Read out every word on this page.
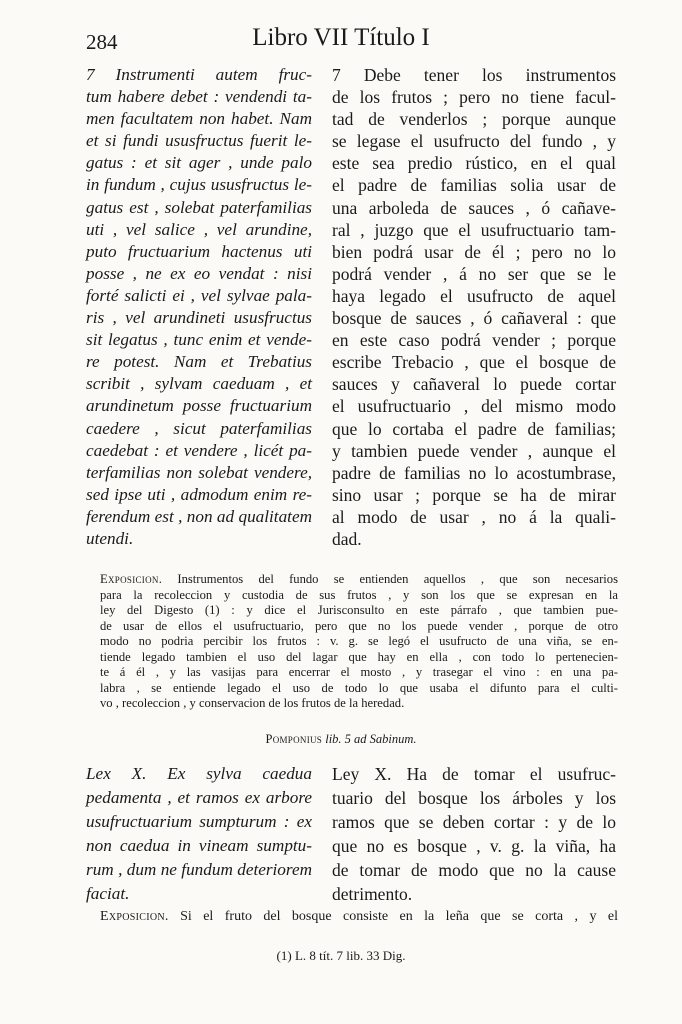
284	Libro VII Título I
7 Instrumenti autem fruc-
tum habere debet : vendendi ta-
men facultatem non habet. Nam
et si fundi ususfructus fuerit le-
gatus : et sit ager , unde palo
in fundum , cujus ususfructus le-
gatus est , solebat paterfamilias
uti , vel salice , vel arundine,
puto fructuarium hactenus uti
posse , ne ex eo vendat : nisi
forté salicti ei , vel sylvae pala-
ris , vel arundineti ususfructus
sit legatus , tunc enim et vende-
re potest. Nam et Trebatius
scribit , sylvam caeduam , et
arundinetum posse fructuarium
caedere , sicut paterfamilias
caedebat : et vendere , licét pa-
terfamilias non solebat vendere,
sed ipse uti , admodum enim re-
ferendum est , non ad qualitatem
utendi.
7 Debe tener los instrumentos
de los frutos ; pero no tiene facul-
tad de venderlos ; porque aunque
se legase el usufructo del fundo , y
este sea predio rústico, en el qual
el padre de familias solia usar de
una arboleda de sauces , ó cañave-
ral , juzgo que el usufructuario tam-
bien podrá usar de él ; pero no lo
podrá vender , á no ser que se le
haya legado el usufructo de aquel
bosque de sauces , ó cañaveral : que
en este caso podrá vender ; porque
escribe Trebacio , que el bosque de
sauces y cañaveral lo puede cortar
el usufructuario , del mismo modo
que lo cortaba el padre de familias;
y tambien puede vender , aunque el
padre de familias no lo acostumbrase,
sino usar ; porque se ha de mirar
al modo de usar , no á la quali-
dad.
Exposicion. Instrumentos del fundo se entienden aquellos , que son necesarios
para la recoleccion y custodia de sus frutos , y son los que se expresan en la
ley del Digesto (1) : y dice el Jurisconsulto en este párrafo , que tambien pue-
de usar de ellos el usufructuario, pero que no los puede vender , porque de otro
modo no podria percibir los frutos : v. g. se legó el usufructo de una viña, se en-
tiende legado tambien el uso del lagar que hay en ella , con todo lo pertenecien-
te á él , y las vasijas para encerrar el mosto , y trasegar el vino : en una pa-
labra , se entiende legado el uso de todo lo que usaba el difunto para el culti-
vo , recoleccion , y conservacion de los frutos de la heredad.
Pomponius lib. 5 ad Sabinum.
Lex X. Ex sylva caedua
pedamenta , et ramos ex arbore
usufructuarium sumpturum : ex
non caedua in vineam sumptu-
rum , dum ne fundum deteriorem
faciat.
Ley X. Ha de tomar el usufruc-
tuario del bosque los árboles y los
ramos que se deben cortar : y de lo
que no es bosque , v. g. la viña, ha
de tomar de modo que no la cause
detrimento.
Exposicion. Si el fruto del bosque consiste en la leña que se corta , y el
(1) L. 8 tít. 7 lib. 33 Dig.
